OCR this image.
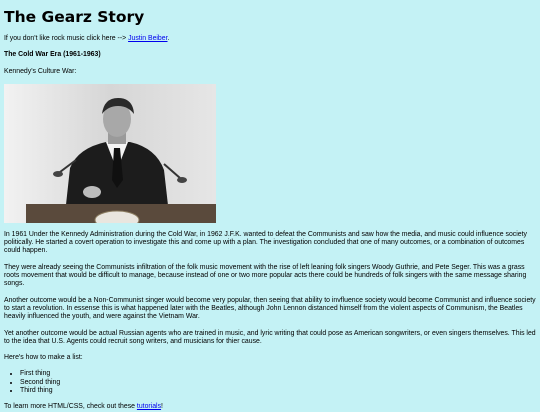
The Gearz Story

If you don't like rock music click here --> Justin Beiber.

The Cold War Era (1961-1963)

Kennedy's Culture War:

In 1961 Under the Kennedy Administration during the Cold War, in 1962 J.F.K. wanted to defeat the Communists and saw how the media, and music could influence society politically. He started a covert operation to investigate this and come up with a plan. The investigation concluded that one of many outcomes, or a combination of outcomes could happen.

They were already seeing the Communists infiltration of the folk music movement with the rise of left leaning folk singers Woody Guthrie, and Pete Seger. This was a grass roots movement that would be difficult to manage, because instead of one or two more popular acts there could be hundreds of folk singers with the same message sharing songs.

Another outcome would be a Non-Communist singer would become very popular, then seeing that ability to invfluence society would become Communist and influence society to start a revolution. In essense this is what happened later with the Beatles, although John Lennon distanced himself from the violent aspects of Communism, the Beatles heavily influenced the youth, and were against the Vietnam War.

Yet another outcome would be actual Russian agents who are trained in music, and lyric writing that could pose as American songwriters, or even singers themselves. This led to the idea that U.S. Agents could recruit song writers, and musicians for thier cause.

Here's how to make a list:

• First thing
• Second thing
• Third thing

To learn more HTML/CSS, check out these tutorials!
